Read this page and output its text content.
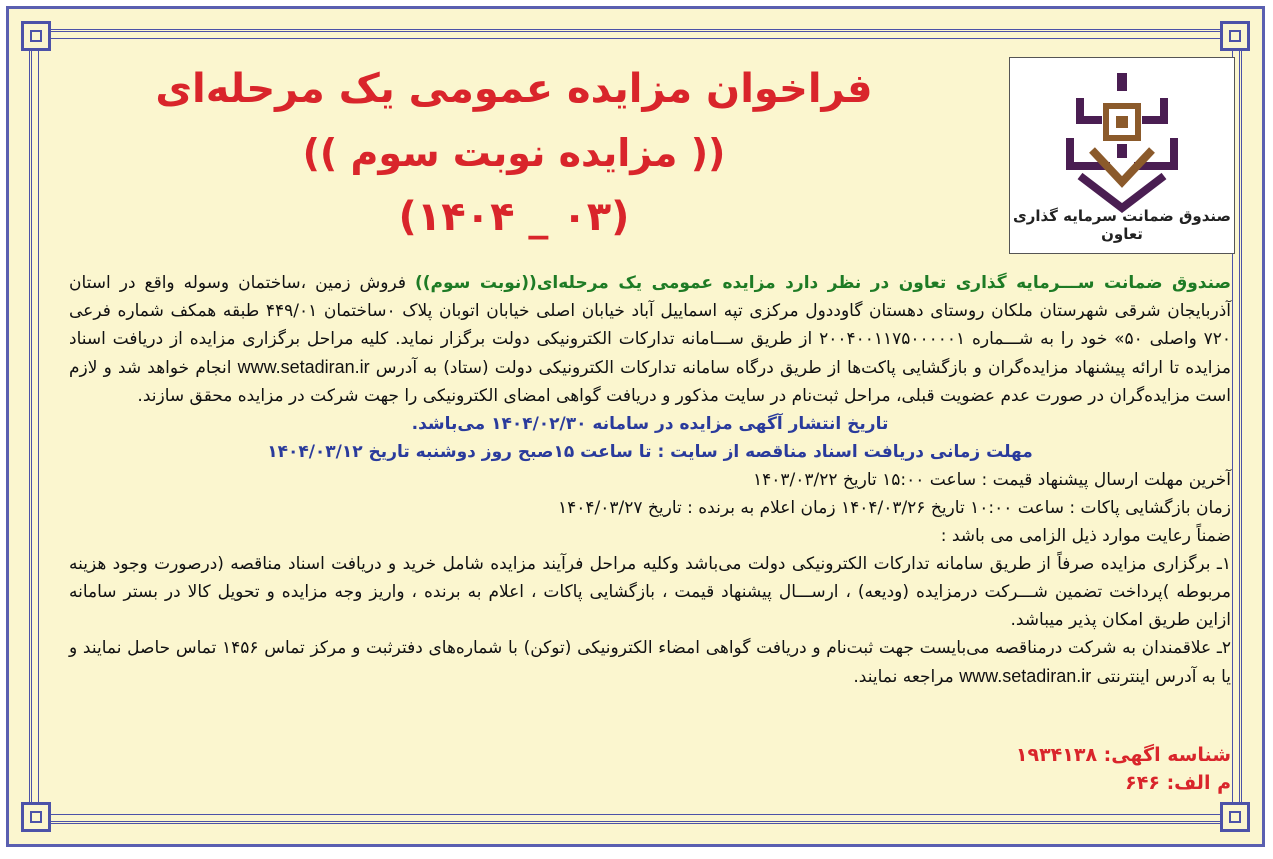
صندوق ضمانت سرمایه گذاری تعاون
فراخوان مزایده عمومی یک مرحله‌ای
(( مزایده نوبت سوم ))
(۰۳ _ ۱۴۰۴)

صندوق ضمانت ســـرمایه گذاری تعاون در نظر دارد مزایده عمومی یک مرحله‌ای((نوبت سوم)) فروش زمین ،ساختمان وسوله واقع در استان آذربایجان شرقی شهرستان ملکان روستای دهستان گاوددول مرکزی تپه اسماییل آباد خیابان اصلی خیابان اتوبان پلاک ۰ساختمان ۴۴۹/۰۱ طبقه همکف شماره فرعی ۷۲۰ واصلی ۵۰» خود را به شـــماره ۲۰۰۴۰۰۱۱۷۵۰۰۰۰۰۱ از طریق ســـامانه تدارکات الکترونیکی دولت برگزار نماید. کلیه مراحل برگزاری مزایده از دریافت اسناد مزایده تا ارائه پیشنهاد مزایده‌گران و بازگشایی پاکت‌ها از طریق درگاه سامانه تدارکات الکترونیکی دولت (ستاد) به آدرس www.setadiran.ir انجام خواهد شد و لازم است مزایده‌گران در صورت عدم عضویت قبلی، مراحل ثبت‌نام در سایت مذکور و دریافت گواهی امضای الکترونیکی را جهت شرکت در مزایده محقق سازند.

تاریخ انتشار آگهی مزایده در سامانه ۱۴۰۴/۰۲/۳۰ می‌باشد.

مهلت زمانی دریافت اسناد مناقصه از سایت : تا ساعت ۱۵صبح روز دوشنبه تاریخ ۱۴۰۴/۰۳/۱۲

آخرین مهلت ارسال پیشنهاد قیمت : ساعت ۱۵:۰۰ تاریخ ۱۴۰۳/۰۳/۲۲

زمان بازگشایی پاکات : ساعت ۱۰:۰۰ تاریخ ۱۴۰۴/۰۳/۲۶ زمان اعلام به برنده : تاریخ ۱۴۰۴/۰۳/۲۷

ضمناً رعایت موارد ذیل الزامی می باشد :

۱ـ برگزاری مزایده صرفاً از طریق سامانه تدارکات الکترونیکی دولت می‌باشد وکلیه مراحل فرآیند مزایده شامل خرید و دریافت اسناد مناقصه (درصورت وجود هزینه مربوطه )پرداخت تضمین شـــرکت درمزایده (ودیعه) ، ارســـال پیشنهاد قیمت ، بازگشایی پاکات ، اعلام به برنده ، واریز وجه مزایده و تحویل کالا در بستر سامانه ازاین طریق امکان پذیر میباشد.

۲ـ علاقمندان به شرکت درمناقصه می‌بایست جهت ثبت‌نام و دریافت گواهی امضاء الکترونیکی (توکن) با شماره‌های دفترثبت و مرکز تماس ۱۴۵۶ تماس حاصل نمایند و یا به آدرس اینترنتی www.setadiran.ir مراجعه نمایند.

شناسه اگهی: ۱۹۳۴۱۳۸
م الف: ۶۴۶
